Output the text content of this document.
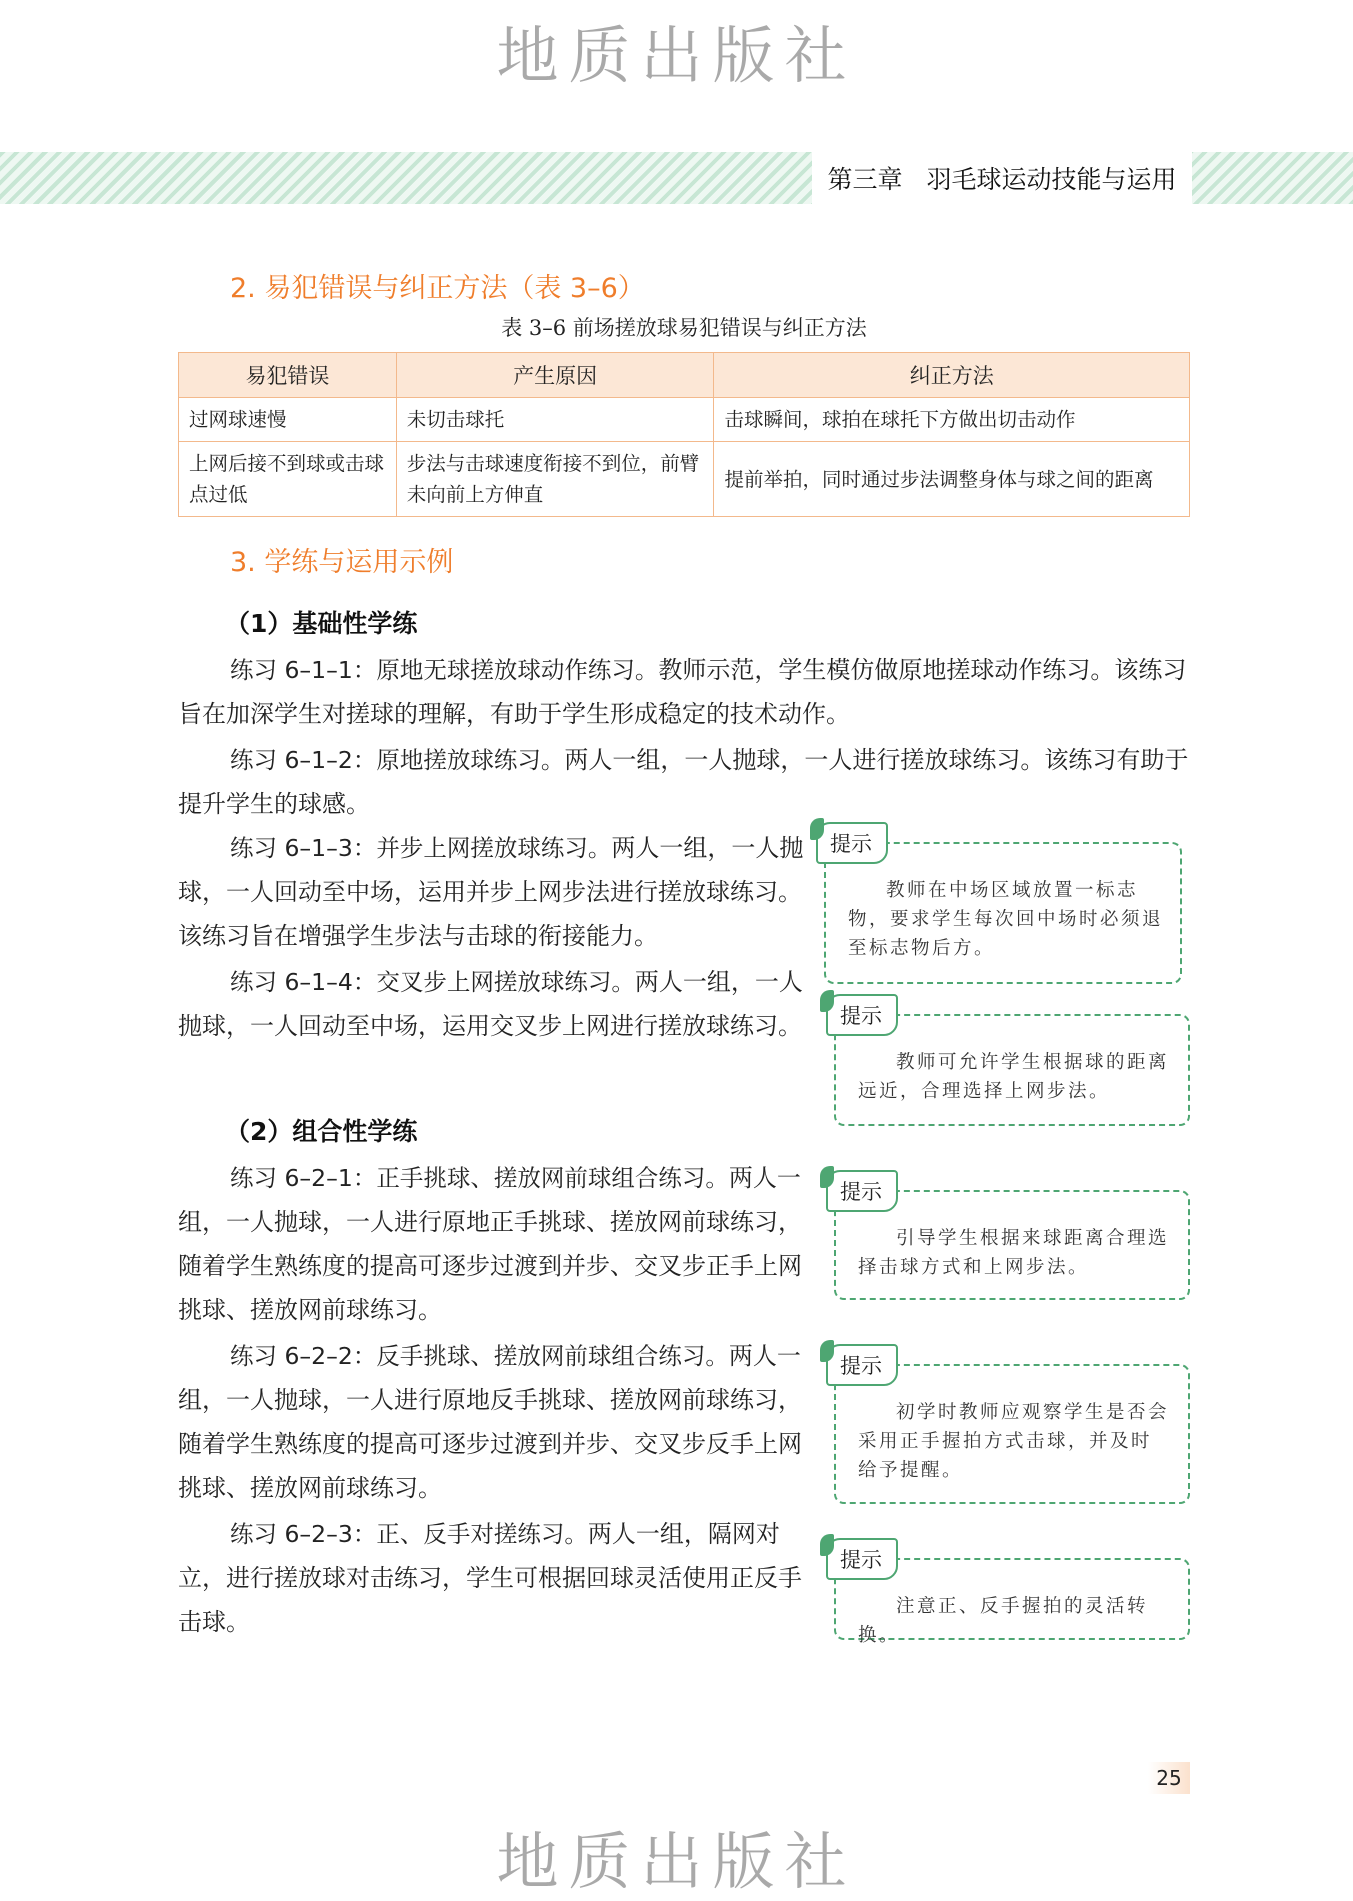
地质出版社
第三章 羽毛球运动技能与运用
2. 易犯错误与纠正方法（表 3–6）
表 3–6 前场搓放球易犯错误与纠正方法
易犯错误	产生原因	纠正方法
过网球速慢	未切击球托	击球瞬间，球拍在球托下方做出切击动作
上网后接不到球或击球点过低	步法与击球速度衔接不到位，前臂未向前上方伸直	提前举拍，同时通过步法调整身体与球之间的距离
3. 学练与运用示例
（1）基础性学练

练习 6–1–1：原地无球搓放球动作练习。教师示范，学生模仿做原地搓球动作练习。该练习旨在加深学生对搓球的理解，有助于学生形成稳定的技术动作。

练习 6–1–2：原地搓放球练习。两人一组，一人抛球，一人进行搓放球练习。该练习有助于提升学生的球感。

练习 6–1–3：并步上网搓放球练习。两人一组，一人抛球，一人回动至中场，运用并步上网步法进行搓放球练习。该练习旨在增强学生步法与击球的衔接能力。

练习 6–1–4：交叉步上网搓放球练习。两人一组，一人抛球，一人回动至中场，运用交叉步上网进行搓放球练习。

（2）组合性学练

练习 6–2–1：正手挑球、搓放网前球组合练习。两人一组，一人抛球，一人进行原地正手挑球、搓放网前球练习，随着学生熟练度的提高可逐步过渡到并步、交叉步正手上网挑球、搓放网前球练习。

练习 6–2–2：反手挑球、搓放网前球组合练习。两人一组，一人抛球，一人进行原地反手挑球、搓放网前球练习，随着学生熟练度的提高可逐步过渡到并步、交叉步反手上网挑球、搓放网前球练习。

练习 6–2–3：正、反手对搓练习。两人一组，隔网对立，进行搓放球对击练习，学生可根据回球灵活使用正反手击球。

提示

教师在中场区域放置一标志物，要求学生每次回中场时必须退至标志物后方。

提示

教师可允许学生根据球的距离远近，合理选择上网步法。

提示

引导学生根据来球距离合理选择击球方式和上网步法。

提示

初学时教师应观察学生是否会采用正手握拍方式击球，并及时给予提醒。

提示

注意正、反手握拍的灵活转换。

25
地质出版社
